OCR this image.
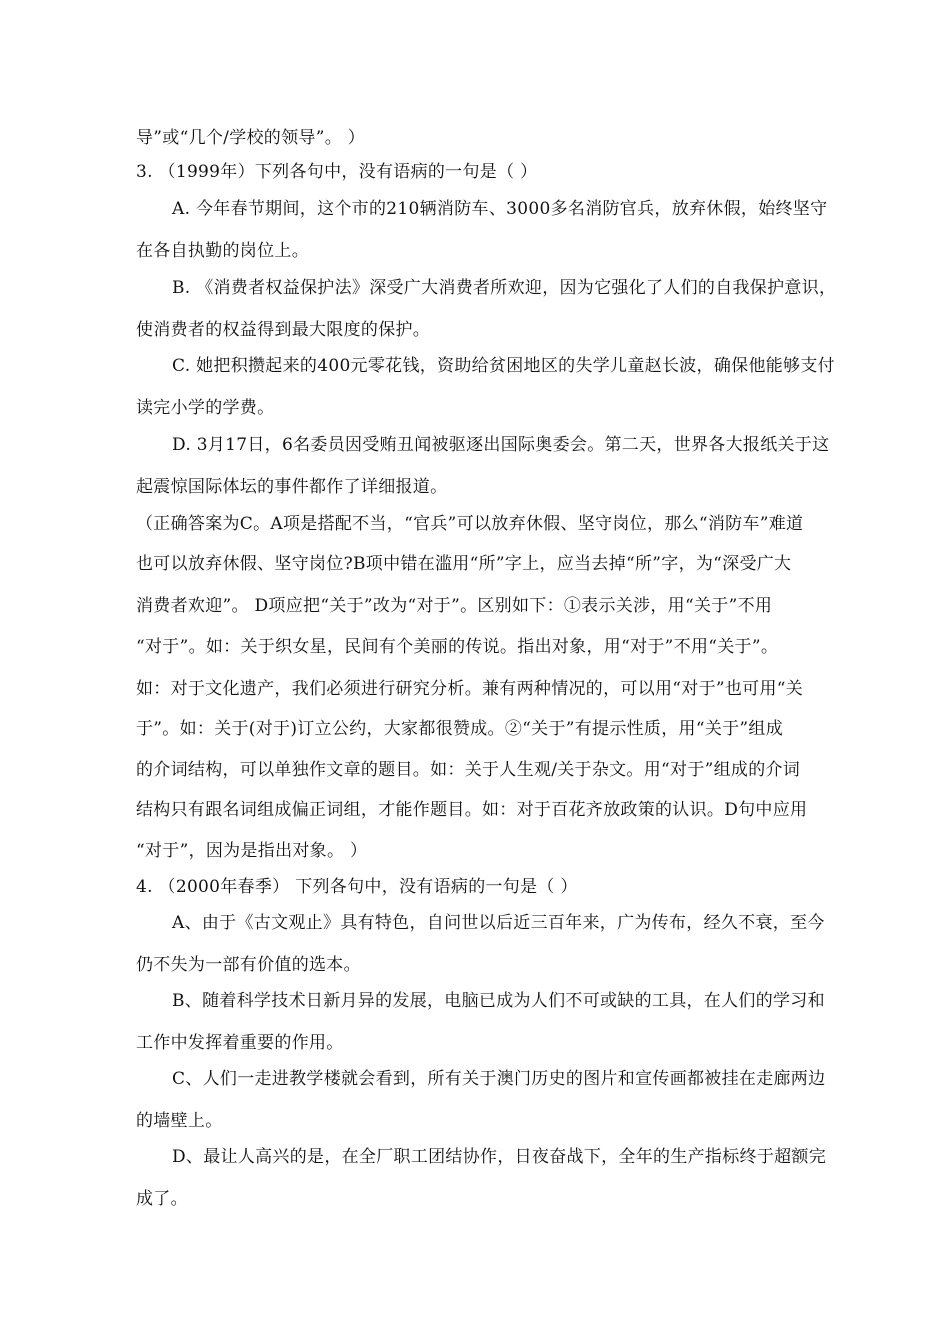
导”或“几个/学校的领导”。 ）
3. （1999年）下列各句中，没有语病的一句是（ ）
A. 今年春节期间，这个市的210辆消防车、3000多名消防官兵，放弃休假，始终坚守
在各自执勤的岗位上。
B. 《消费者权益保护法》深受广大消费者所欢迎，因为它强化了人们的自我保护意识，
使消费者的权益得到最大限度的保护。
C. 她把积攒起来的400元零花钱，资助给贫困地区的失学儿童赵长波，确保他能够支付
读完小学的学费。
D. 3月17日，6名委员因受贿丑闻被驱逐出国际奥委会。第二天，世界各大报纸关于这
起震惊国际体坛的事件都作了详细报道。
（正确答案为C。A项是搭配不当，“官兵”可以放弃休假、坚守岗位，那么“消防车”难道
也可以放弃休假、坚守岗位?B项中错在滥用“所”字上，应当去掉“所”字，为“深受广大
消费者欢迎”。 D项应把“关于”改为“对于”。区别如下：①表示关涉，用“关于”不用
“对于”。如：关于织女星，民间有个美丽的传说。指出对象，用“对于”不用“关于”。
如：对于文化遗产，我们必须进行研究分析。兼有两种情况的，可以用“对于”也可用“关
于”。如：关于(对于)订立公约，大家都很赞成。②“关于”有提示性质，用“关于”组成
的介词结构，可以单独作文章的题目。如：关于人生观/关于杂文。用“对于”组成的介词
结构只有跟名词组成偏正词组，才能作题目。如：对于百花齐放政策的认识。D句中应用
“对于”，因为是指出对象。 ）
4. （2000年春季） 下列各句中，没有语病的一句是（ ）
A、由于《古文观止》具有特色，自问世以后近三百年来，广为传布，经久不衰，至今
仍不失为一部有价值的选本。
B、随着科学技术日新月异的发展，电脑已成为人们不可或缺的工具，在人们的学习和
工作中发挥着重要的作用。
C、人们一走进教学楼就会看到，所有关于澳门历史的图片和宣传画都被挂在走廊两边
的墙壁上。
D、最让人高兴的是，在全厂职工团结协作，日夜奋战下，全年的生产指标终于超额完
成了。
